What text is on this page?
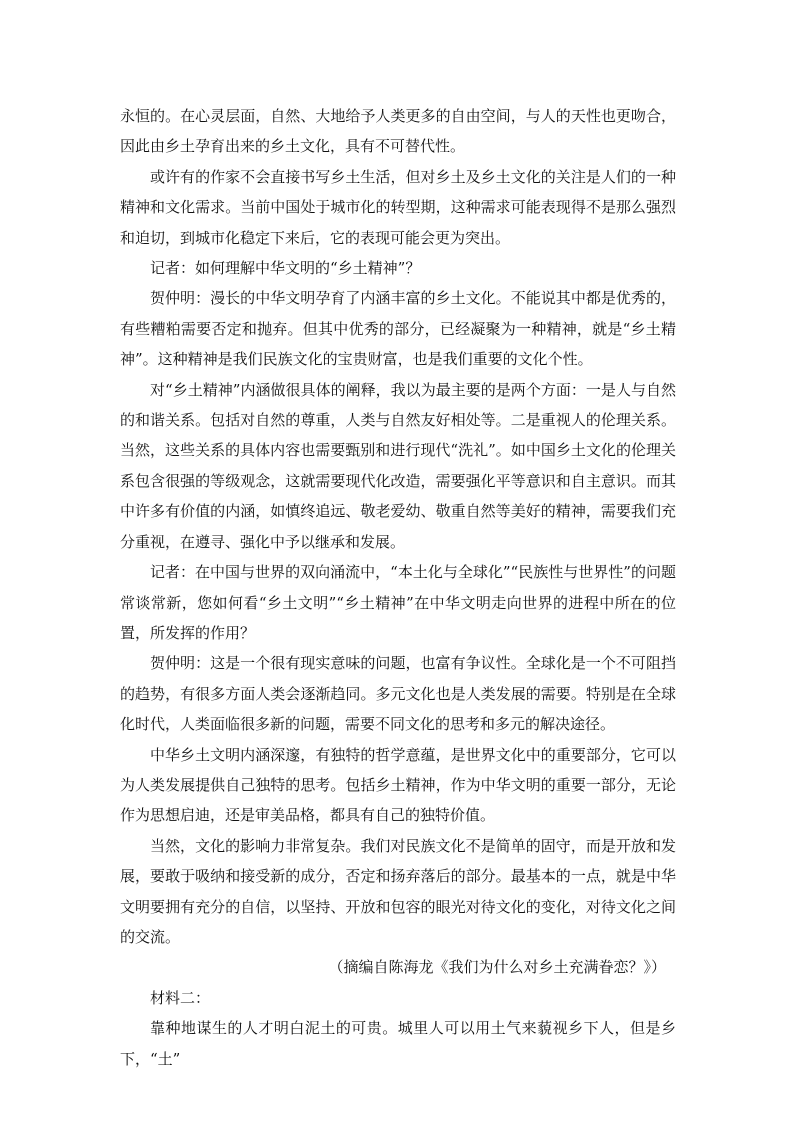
永恒的。在心灵层面，自然、大地给予人类更多的自由空间，与人的天性也更吻合，因此由乡土孕育出来的乡土文化，具有不可替代性。

或许有的作家不会直接书写乡土生活，但对乡土及乡土文化的关注是人们的一种精神和文化需求。当前中国处于城市化的转型期，这种需求可能表现得不是那么强烈和迫切，到城市化稳定下来后，它的表现可能会更为突出。

记者：如何理解中华文明的“乡土精神”？

贺仲明：漫长的中华文明孕育了内涵丰富的乡土文化。不能说其中都是优秀的，有些糟粕需要否定和抛弃。但其中优秀的部分，已经凝聚为一种精神，就是“乡土精神”。这种精神是我们民族文化的宝贵财富，也是我们重要的文化个性。

对“乡土精神”内涵做很具体的阐释，我以为最主要的是两个方面：一是人与自然的和谐关系。包括对自然的尊重，人类与自然友好相处等。二是重视人的伦理关系。当然，这些关系的具体内容也需要甄别和进行现代“洗礼”。如中国乡土文化的伦理关系包含很强的等级观念，这就需要现代化改造，需要强化平等意识和自主意识。而其中许多有价值的内涵，如慎终追远、敬老爱幼、敬重自然等美好的精神，需要我们充分重视，在遵寻、强化中予以继承和发展。

记者：在中国与世界的双向涌流中，“本土化与全球化”“民族性与世界性”的问题常谈常新，您如何看“乡土文明”“乡土精神”在中华文明走向世界的进程中所在的位置，所发挥的作用？

贺仲明：这是一个很有现实意味的问题，也富有争议性。全球化是一个不可阻挡的趋势，有很多方面人类会逐渐趋同。多元文化也是人类发展的需要。特别是在全球化时代，人类面临很多新的问题，需要不同文化的思考和多元的解决途径。

中华乡土文明内涵深邃，有独特的哲学意蕴，是世界文化中的重要部分，它可以为人类发展提供自己独特的思考。包括乡土精神，作为中华文明的重要一部分，无论作为思想启迪，还是审美品格，都具有自己的独特价值。

当然，文化的影响力非常复杂。我们对民族文化不是简单的固守，而是开放和发展，要敢于吸纳和接受新的成分，否定和扬弃落后的部分。最基本的一点，就是中华文明要拥有充分的自信，以坚持、开放和包容的眼光对待文化的变化，对待文化之间的交流。

（摘编自陈海龙《我们为什么对乡土充满眷恋？》）

材料二：

靠种地谋生的人才明白泥土的可贵。城里人可以用土气来藐视乡下人，但是乡下，“土”
